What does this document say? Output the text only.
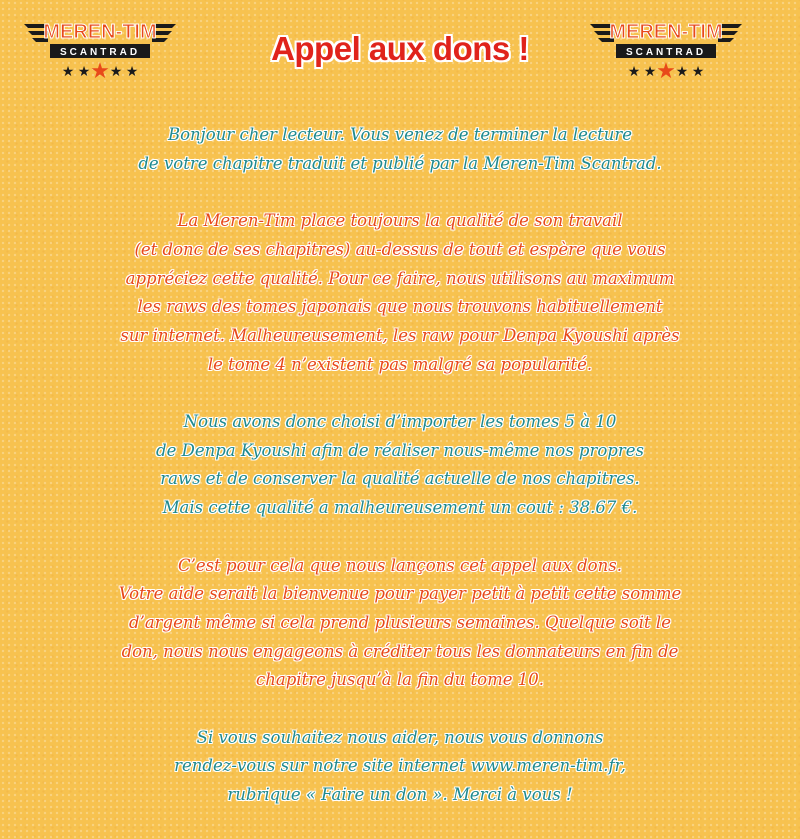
MEREN-TIM
SCANTRAD
★ ★ ★ ★ ★
MEREN-TIM
SCANTRAD
★ ★ ★ ★ ★
Appel aux dons !

Bonjour cher lecteur. Vous venez de terminer la lecture
de votre chapitre traduit et publié par la Meren-Tim Scantrad.

La Meren-Tim place toujours la qualité de son travail
(et donc de ses chapitres) au-dessus de tout et espère que vous
appréciez cette qualité. Pour ce faire, nous utilisons au maximum
les raws des tomes japonais que nous trouvons habituellement
sur internet. Malheureusement, les raw pour Denpa Kyoushi après
le tome 4 n’existent pas malgré sa popularité.

Nous avons donc choisi d’importer les tomes 5 à 10
de Denpa Kyoushi afin de réaliser nous-même nos propres
raws et de conserver la qualité actuelle de nos chapitres.
Mais cette qualité a malheureusement un cout : 38.67 €.

C’est pour cela que nous lançons cet appel aux dons.
Votre aide serait la bienvenue pour payer petit à petit cette somme
d’argent même si cela prend plusieurs semaines. Quelque soit le
don, nous nous engageons à créditer tous les donnateurs en fin de
chapitre jusqu’à la fin du tome 10.

Si vous souhaitez nous aider, nous vous donnons
rendez-vous sur notre site internet www.meren-tim.fr,
rubrique « Faire un don ». Merci à vous !
